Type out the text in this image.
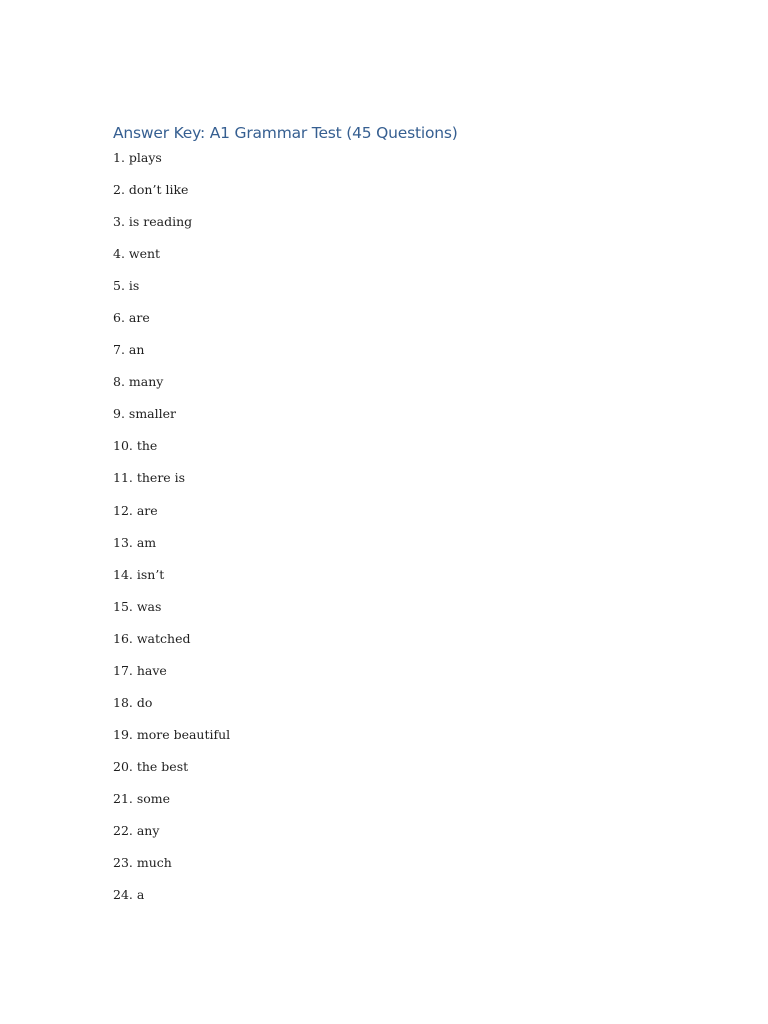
Answer Key: A1 Grammar Test (45 Questions)
1. plays
2. don’t like
3. is reading
4. went
5. is
6. are
7. an
8. many
9. smaller
10. the
11. there is
12. are
13. am
14. isn’t
15. was
16. watched
17. have
18. do
19. more beautiful
20. the best
21. some
22. any
23. much
24. a
